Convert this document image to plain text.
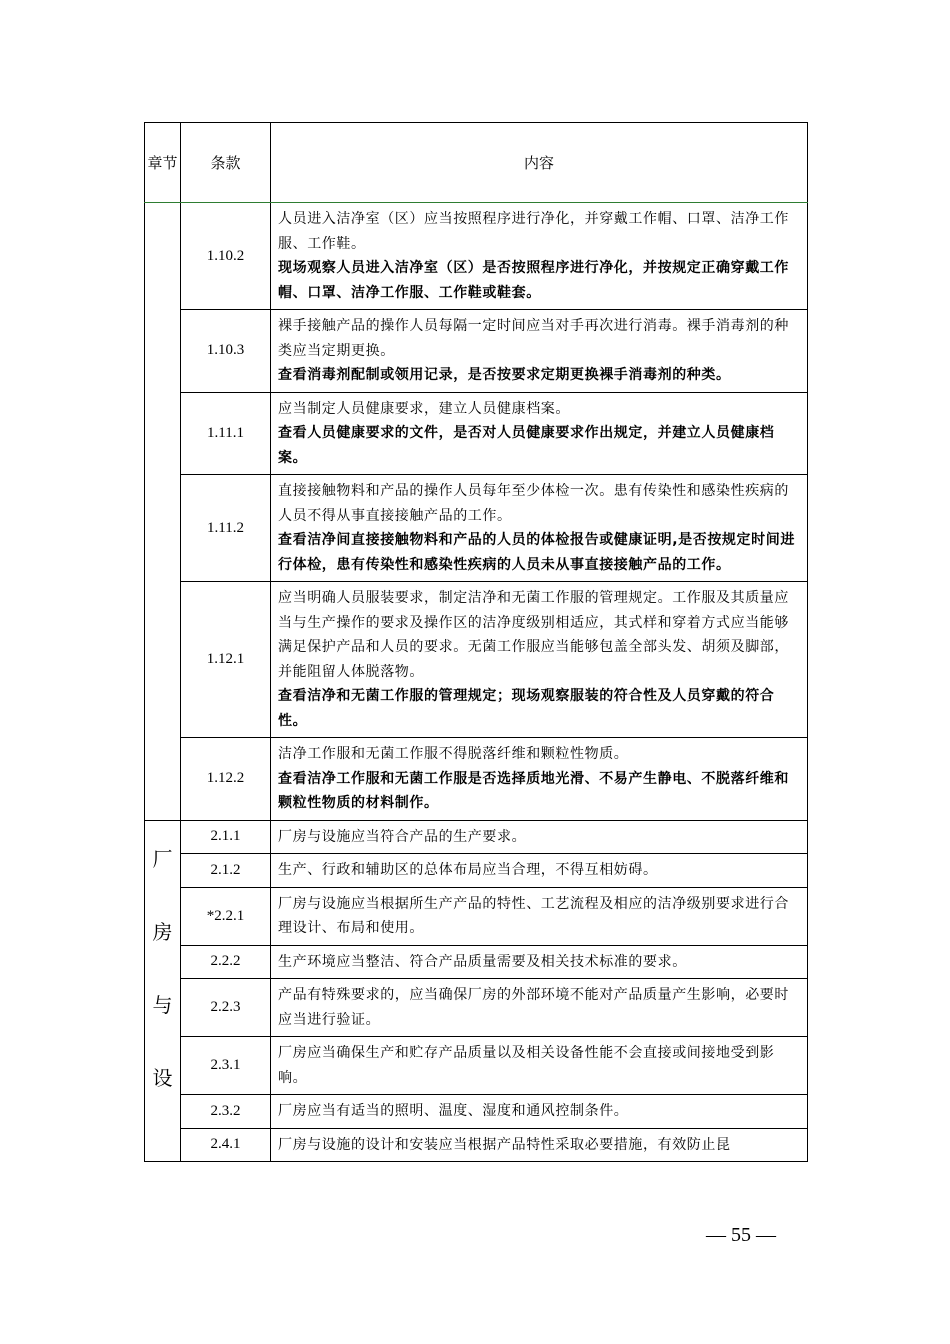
章节	条款	内容
	1.10.2	人员进入洁净室（区）应当按照程序进行净化，并穿戴工作帽、口罩、洁净工作服、工作鞋。
现场观察人员进入洁净室（区）是否按照程序进行净化，并按规定正确穿戴工作帽、口罩、洁净工作服、工作鞋或鞋套。

	1.10.3	裸手接触产品的操作人员每隔一定时间应当对手再次进行消毒。裸手消毒剂的种类应当定期更换。
查看消毒剂配制或领用记录，是否按要求定期更换裸手消毒剂的种类。

	1.11.1	应当制定人员健康要求，建立人员健康档案。
查看人员健康要求的文件，是否对人员健康要求作出规定，并建立人员健康档案。

	1.11.2	直接接触物料和产品的操作人员每年至少体检一次。患有传染性和感染性疾病的人员不得从事直接接触产品的工作。
查看洁净间直接接触物料和产品的人员的体检报告或健康证明,是否按规定时间进行体检，患有传染性和感染性疾病的人员未从事直接接触产品的工作。

	1.12.1	应当明确人员服装要求，制定洁净和无菌工作服的管理规定。工作服及其质量应当与生产操作的要求及操作区的洁净度级别相适应，其式样和穿着方式应当能够满足保护产品和人员的要求。无菌工作服应当能够包盖全部头发、胡须及脚部，并能阻留人体脱落物。
查看洁净和无菌工作服的管理规定；现场观察服装的符合性及人员穿戴的符合性。

	1.12.2	洁净工作服和无菌工作服不得脱落纤维和颗粒性物质。
查看洁净工作服和无菌工作服是否选择质地光滑、不易产生静电、不脱落纤维和颗粒性物质的材料制作。

厂房与设	2.1.1	厂房与设施应当符合产品的生产要求。

	2.1.2	生产、行政和辅助区的总体布局应当合理，不得互相妨碍。

	*2.2.1	厂房与设施应当根据所生产产品的特性、工艺流程及相应的洁净级别要求进行合理设计、布局和使用。

	2.2.2	生产环境应当整洁、符合产品质量需要及相关技术标准的要求。

	2.2.3	产品有特殊要求的，应当确保厂房的外部环境不能对产品质量产生影响，必要时应当进行验证。

	2.3.1	厂房应当确保生产和贮存产品质量以及相关设备性能不会直接或间接地受到影响。

	2.3.2	厂房应当有适当的照明、温度、湿度和通风控制条件。

	2.4.1	厂房与设施的设计和安装应当根据产品特性采取必要措施，有效防止昆
— 55 —
